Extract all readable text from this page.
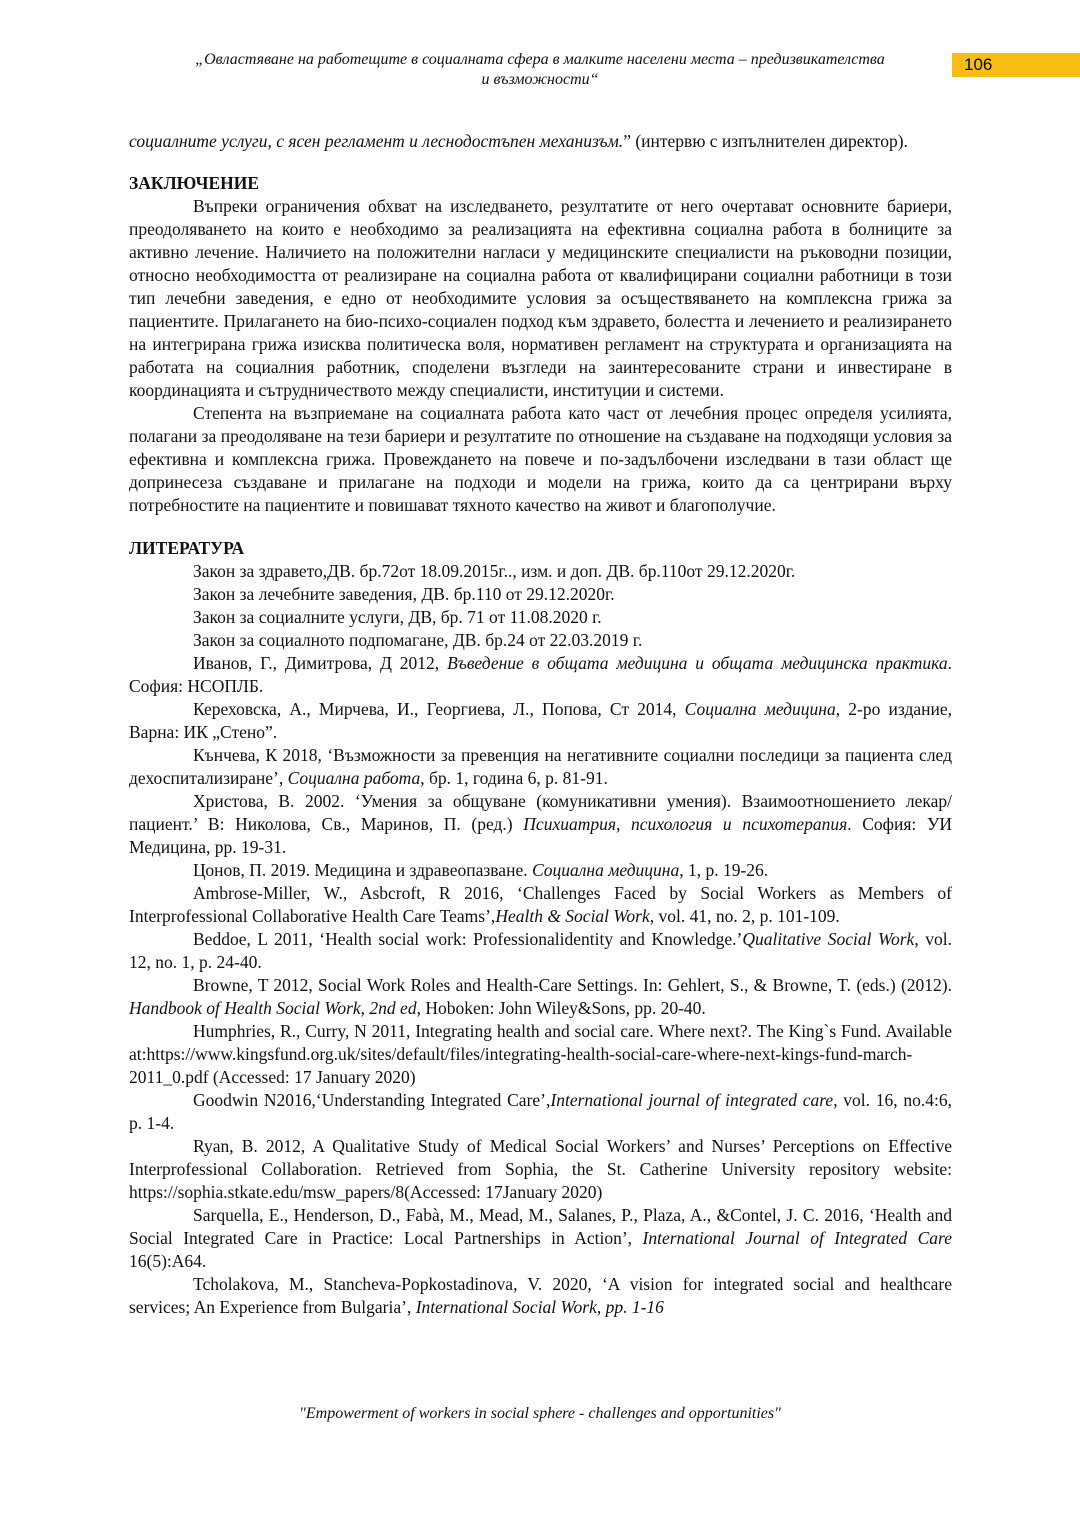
„Овластяване на работещите в социалната сфера в малките населени места – предизвикателства
и възможности“
106

социалните услуги, с ясен регламент и леснодостъпен механизъм.” (интервю с изпълнителен директор).

ЗАКЛЮЧЕНИЕ

Въпреки ограничения обхват на изследването, резултатите от него очертават основните бариери, преодоляването на които е необходимо за реализацията на ефективна социална работа в болниците за активно лечение. Наличието на положителни нагласи у медицинските специалисти на ръководни позиции, относно необходимостта от реализиране на социална работа от квалифицирани социални работници в този тип лечебни заведения, е едно от необходимите условия за осъществяването на комплексна грижа за пациентите. Прилагането на био-психо-социален подход към здравето, болестта и лечението и реализирането на интегрирана грижа изисква политическа воля, нормативен регламент на структурата и организацията на работата на социалния работник, споделени възгледи на заинтересованите страни и инвестиране в координацията и сътрудничеството между специалисти, институции и системи.

Степента на възприемане на социалната работа като част от лечебния процес определя усилията, полагани за преодоляване на тези бариери и резултатите по отношение на създаване на подходящи условия за ефективна и комплексна грижа. Провеждането на повече и по-задълбочени изследвани в тази област ще допринесеза създаване и прилагане на подходи и модели на грижа, които да са центрирани върху потребностите на пациентите и повишават тяхното качество на живот и благополучие.

ЛИТЕРАТУРА

Закон за здравето,ДВ. бр.72от 18.09.2015г.., изм. и доп. ДВ. бр.110от 29.12.2020г.

Закон за лечебните заведения, ДВ. бр.110 от 29.12.2020г.

Закон за социалните услуги, ДВ, бр. 71 от 11.08.2020 г.

Закон за социалното подпомагане, ДВ. бр.24 от 22.03.2019 г.

Иванов, Г., Димитрова, Д 2012, Въведение в общата медицина и общата медицинска практика. София: НСОПЛБ.

Кереховска, А., Мирчева, И., Георгиева, Л., Попова, Ст 2014, Социална медицина, 2-ро издание, Варна: ИК „Стено”.

Кънчева, К 2018, ‘Възможности за превенция на негативните социални последици за пациента след дехоспитализиране’, Социална работа, бр. 1, година 6, p. 81-91.

Христова, В. 2002. ‘Умения за общуване (комуникативни умения). Взаимоотношението лекар/пациент.’ В: Николова, Св., Маринов, П. (ред.) Психиатрия, психология и психотерапия. София: УИ Медицина, pp. 19-31.

Цонов, П. 2019. Медицина и здравеопазване. Социална медицина, 1, p. 19-26.

Ambrose-Miller, W., Asbcroft, R 2016, ‘Challenges Faced by Social Workers as Members of Interprofessional Collaborative Health Care Teams’,Health & Social Work, vol. 41, no. 2, p. 101-109.

Beddoe, L 2011, ‘Health social work: Professionalidentity and Knowledge.’Qualitative Social Work, vol. 12, no. 1, p. 24-40.

Browne, T 2012, Social Work Roles and Health-Care Settings. In: Gehlert, S., & Browne, T. (eds.) (2012). Handbook of Health Social Work, 2nd ed, Hoboken: John Wiley&Sons, pp. 20-40.

Humphries, R., Curry, N 2011, Integrating health and social care. Where next?. The King`s Fund. Available at:https://www.kingsfund.org.uk/sites/default/files/integrating-health-social-care-where-next-kings-fund-march-2011_0.pdf (Accessed: 17 January 2020)

Goodwin N2016,‘Understanding Integrated Care’,International journal of integrated care, vol. 16, no.4:6, p. 1-4.

Ryan, B. 2012, A Qualitative Study of Medical Social Workers’ and Nurses’ Perceptions on Effective Interprofessional Collaboration. Retrieved from Sophia, the St. Catherine University repository website: https://sophia.stkate.edu/msw_papers/8(Accessed: 17January 2020)

Sarquella, E., Henderson, D., Fabà, M., Mead, M., Salanes, P., Plaza, A., &Contel, J. C. 2016, ‘Health and Social Integrated Care in Practice: Local Partnerships in Action’, International Journal of Integrated Care 16(5):A64.

Tcholakova, M., Stancheva-Popkostadinova, V. 2020, ‘A vision for integrated social and healthcare services; An Experience from Bulgaria’, International Social Work, pp. 1-16

"Empowerment of workers in social sphere - challenges and opportunities"
